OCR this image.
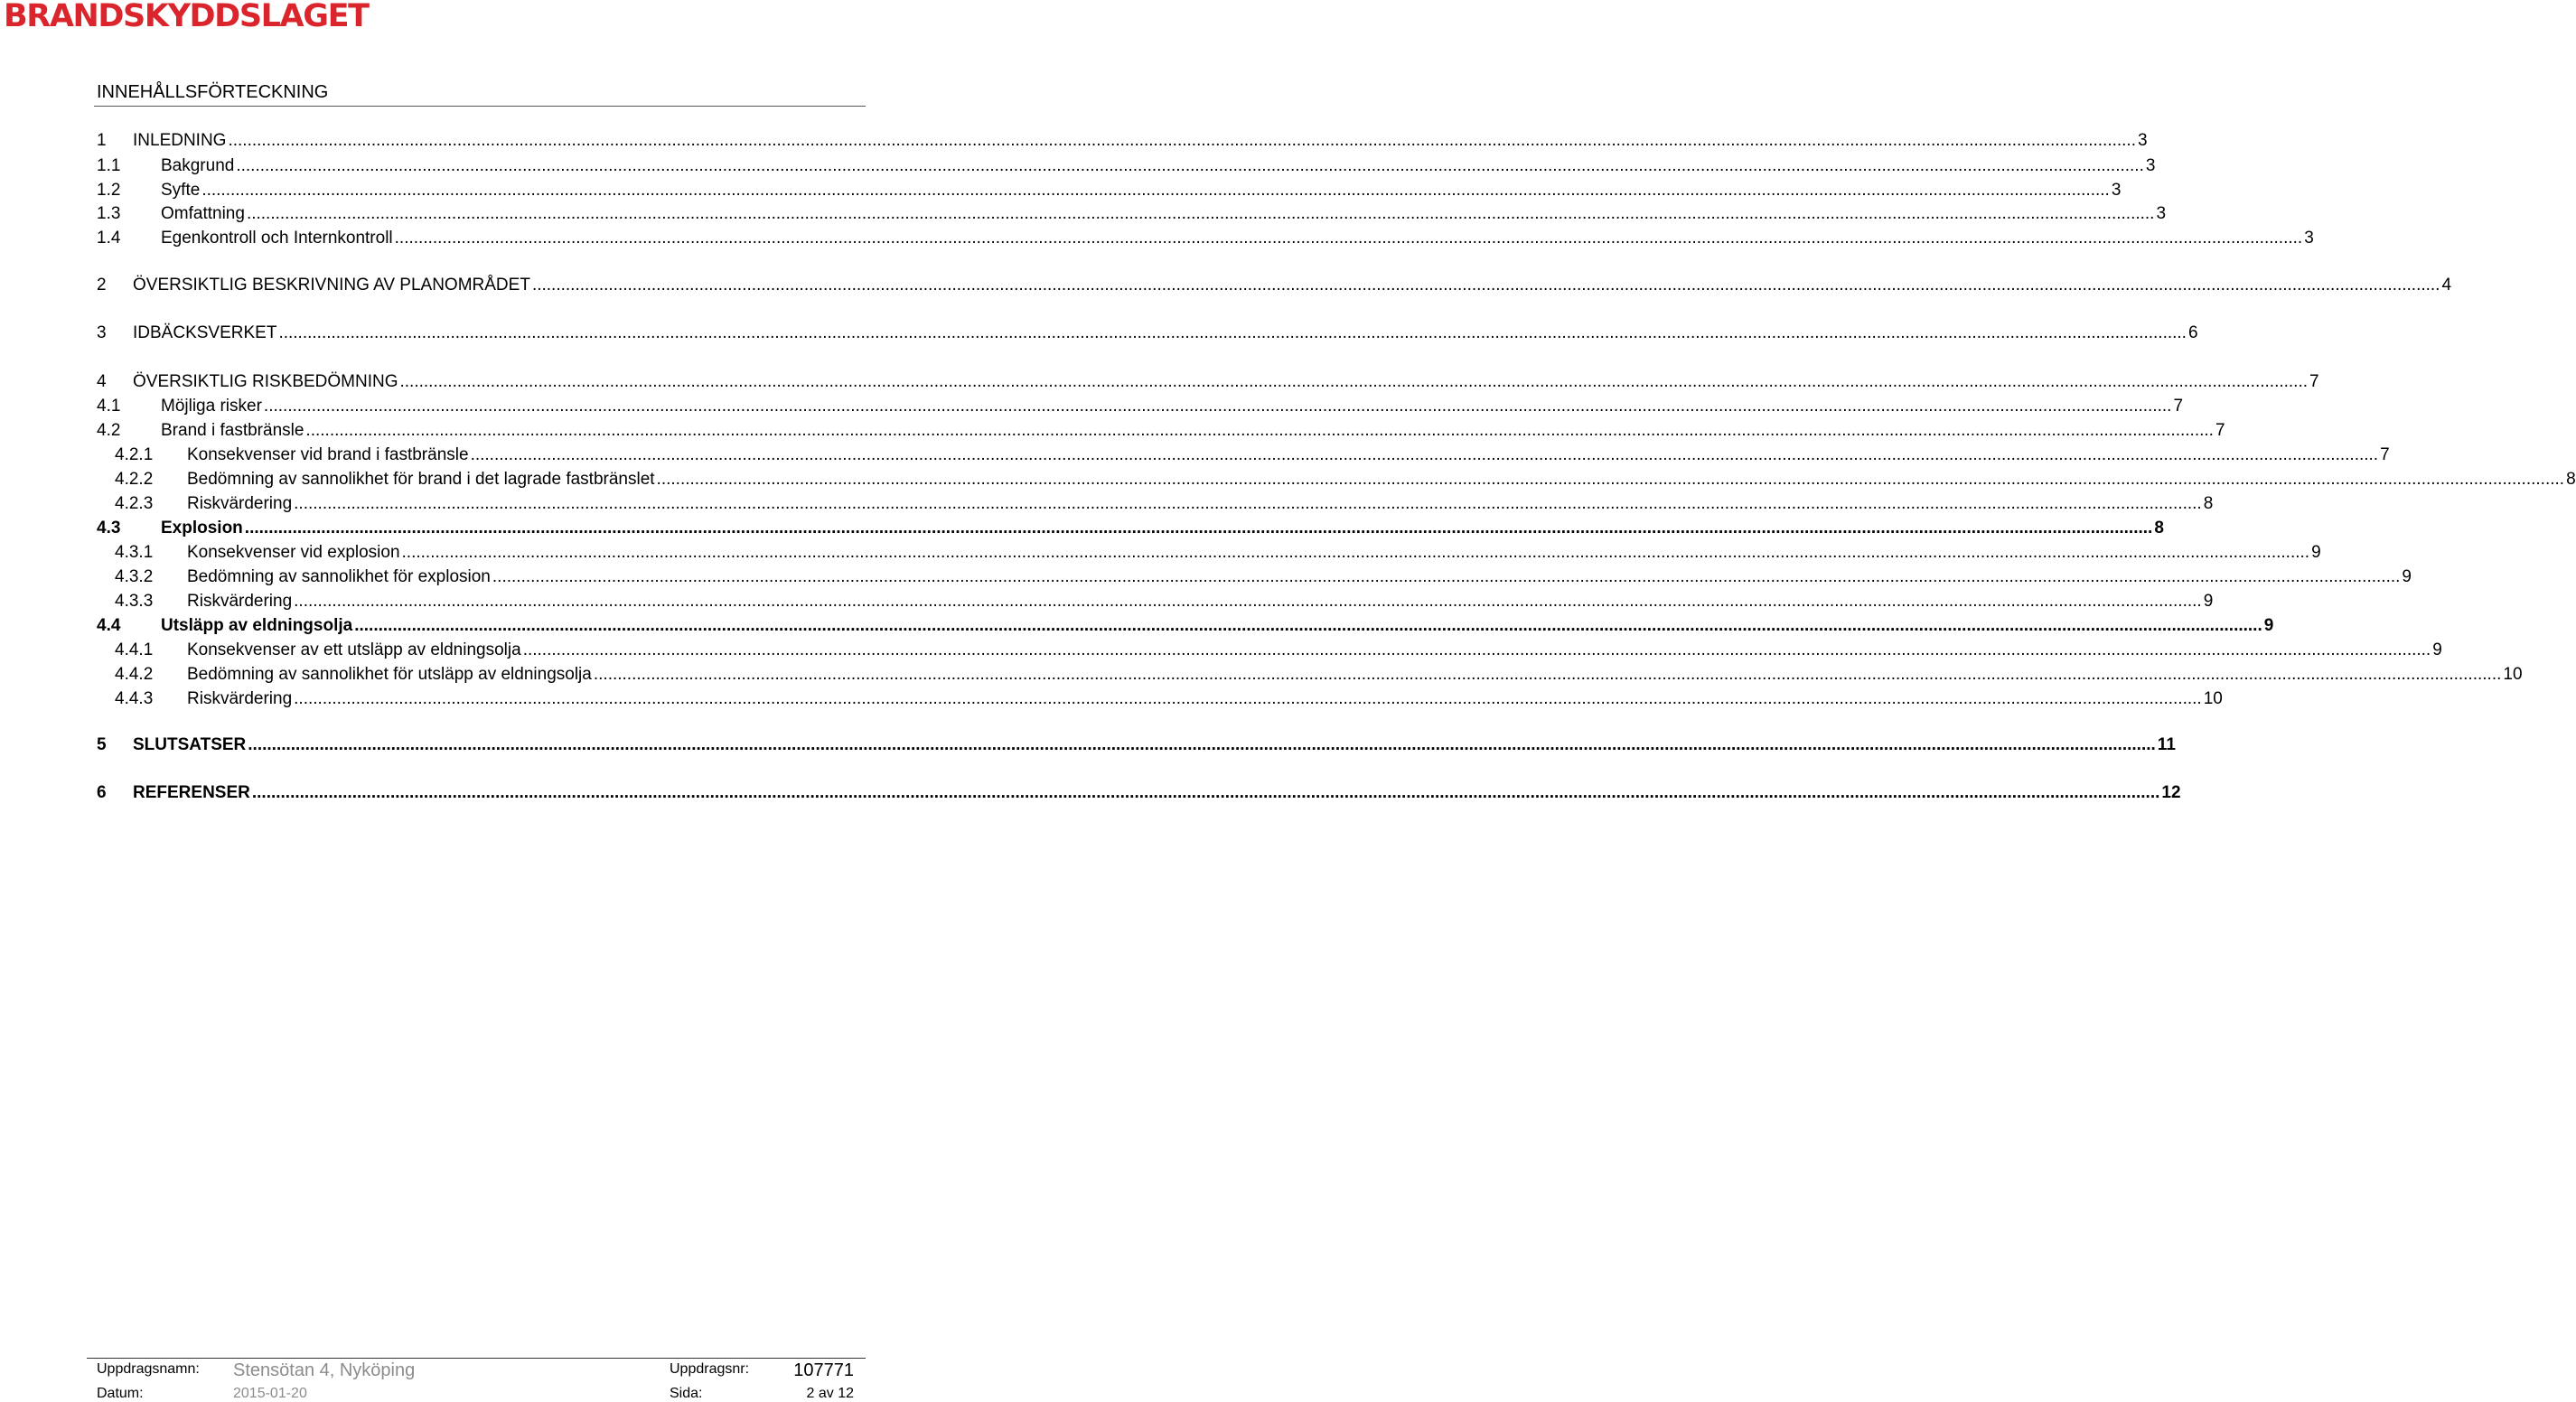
BRANDSKYDDSLAGET
INNEHÅLLSFÖRTECKNING
1	INLEDNING ................................................................................................................................................................................................................................................................................................................................................................................................................ 3
1.1	Bakgrund ................................................................................................................................................................................................................................................................................................................................................................................................................ 3
1.2	Syfte ................................................................................................................................................................................................................................................................................................................................................................................................................ 3
1.3	Omfattning ................................................................................................................................................................................................................................................................................................................................................................................................................ 3
1.4	Egenkontroll och Internkontroll ................................................................................................................................................................................................................................................................................................................................................................................................................ 3
2	ÖVERSIKTLIG BESKRIVNING AV PLANOMRÅDET ................................................................................................................................................................................................................................................................................................................................................................................................................ 4
3	IDBÄCKSVERKET ................................................................................................................................................................................................................................................................................................................................................................................................................ 6
4	ÖVERSIKTLIG RISKBEDÖMNING ................................................................................................................................................................................................................................................................................................................................................................................................................ 7
4.1	Möjliga risker ................................................................................................................................................................................................................................................................................................................................................................................................................ 7
4.2	Brand i fastbränsle ................................................................................................................................................................................................................................................................................................................................................................................................................ 7
4.2.1	Konsekvenser vid brand i fastbränsle ................................................................................................................................................................................................................................................................................................................................................................................................................ 7
4.2.2	Bedömning av sannolikhet för brand i det lagrade fastbränslet ................................................................................................................................................................................................................................................................................................................................................................................................................ 8
4.2.3	Riskvärdering ................................................................................................................................................................................................................................................................................................................................................................................................................ 8
4.3	Explosion ................................................................................................................................................................................................................................................................................................................................................................................................................ 8
4.3.1	Konsekvenser vid explosion ................................................................................................................................................................................................................................................................................................................................................................................................................ 9
4.3.2	Bedömning av sannolikhet för explosion ................................................................................................................................................................................................................................................................................................................................................................................................................ 9
4.3.3	Riskvärdering ................................................................................................................................................................................................................................................................................................................................................................................................................ 9
4.4	Utsläpp av eldningsolja ................................................................................................................................................................................................................................................................................................................................................................................................................ 9
4.4.1	Konsekvenser av ett utsläpp av eldningsolja ................................................................................................................................................................................................................................................................................................................................................................................................................ 9
4.4.2	Bedömning av sannolikhet för utsläpp av eldningsolja ................................................................................................................................................................................................................................................................................................................................................................................................................ 10
4.4.3	Riskvärdering ................................................................................................................................................................................................................................................................................................................................................................................................................ 10
5	SLUTSATSER ................................................................................................................................................................................................................................................................................................................................................................................................................ 11
6	REFERENSER ................................................................................................................................................................................................................................................................................................................................................................................................................ 12
Uppdragsnamn: Stensötan 4, Nyköping	Uppdragsnr: 107771
Datum:	2015-01-20	Sida:	2 av 12
